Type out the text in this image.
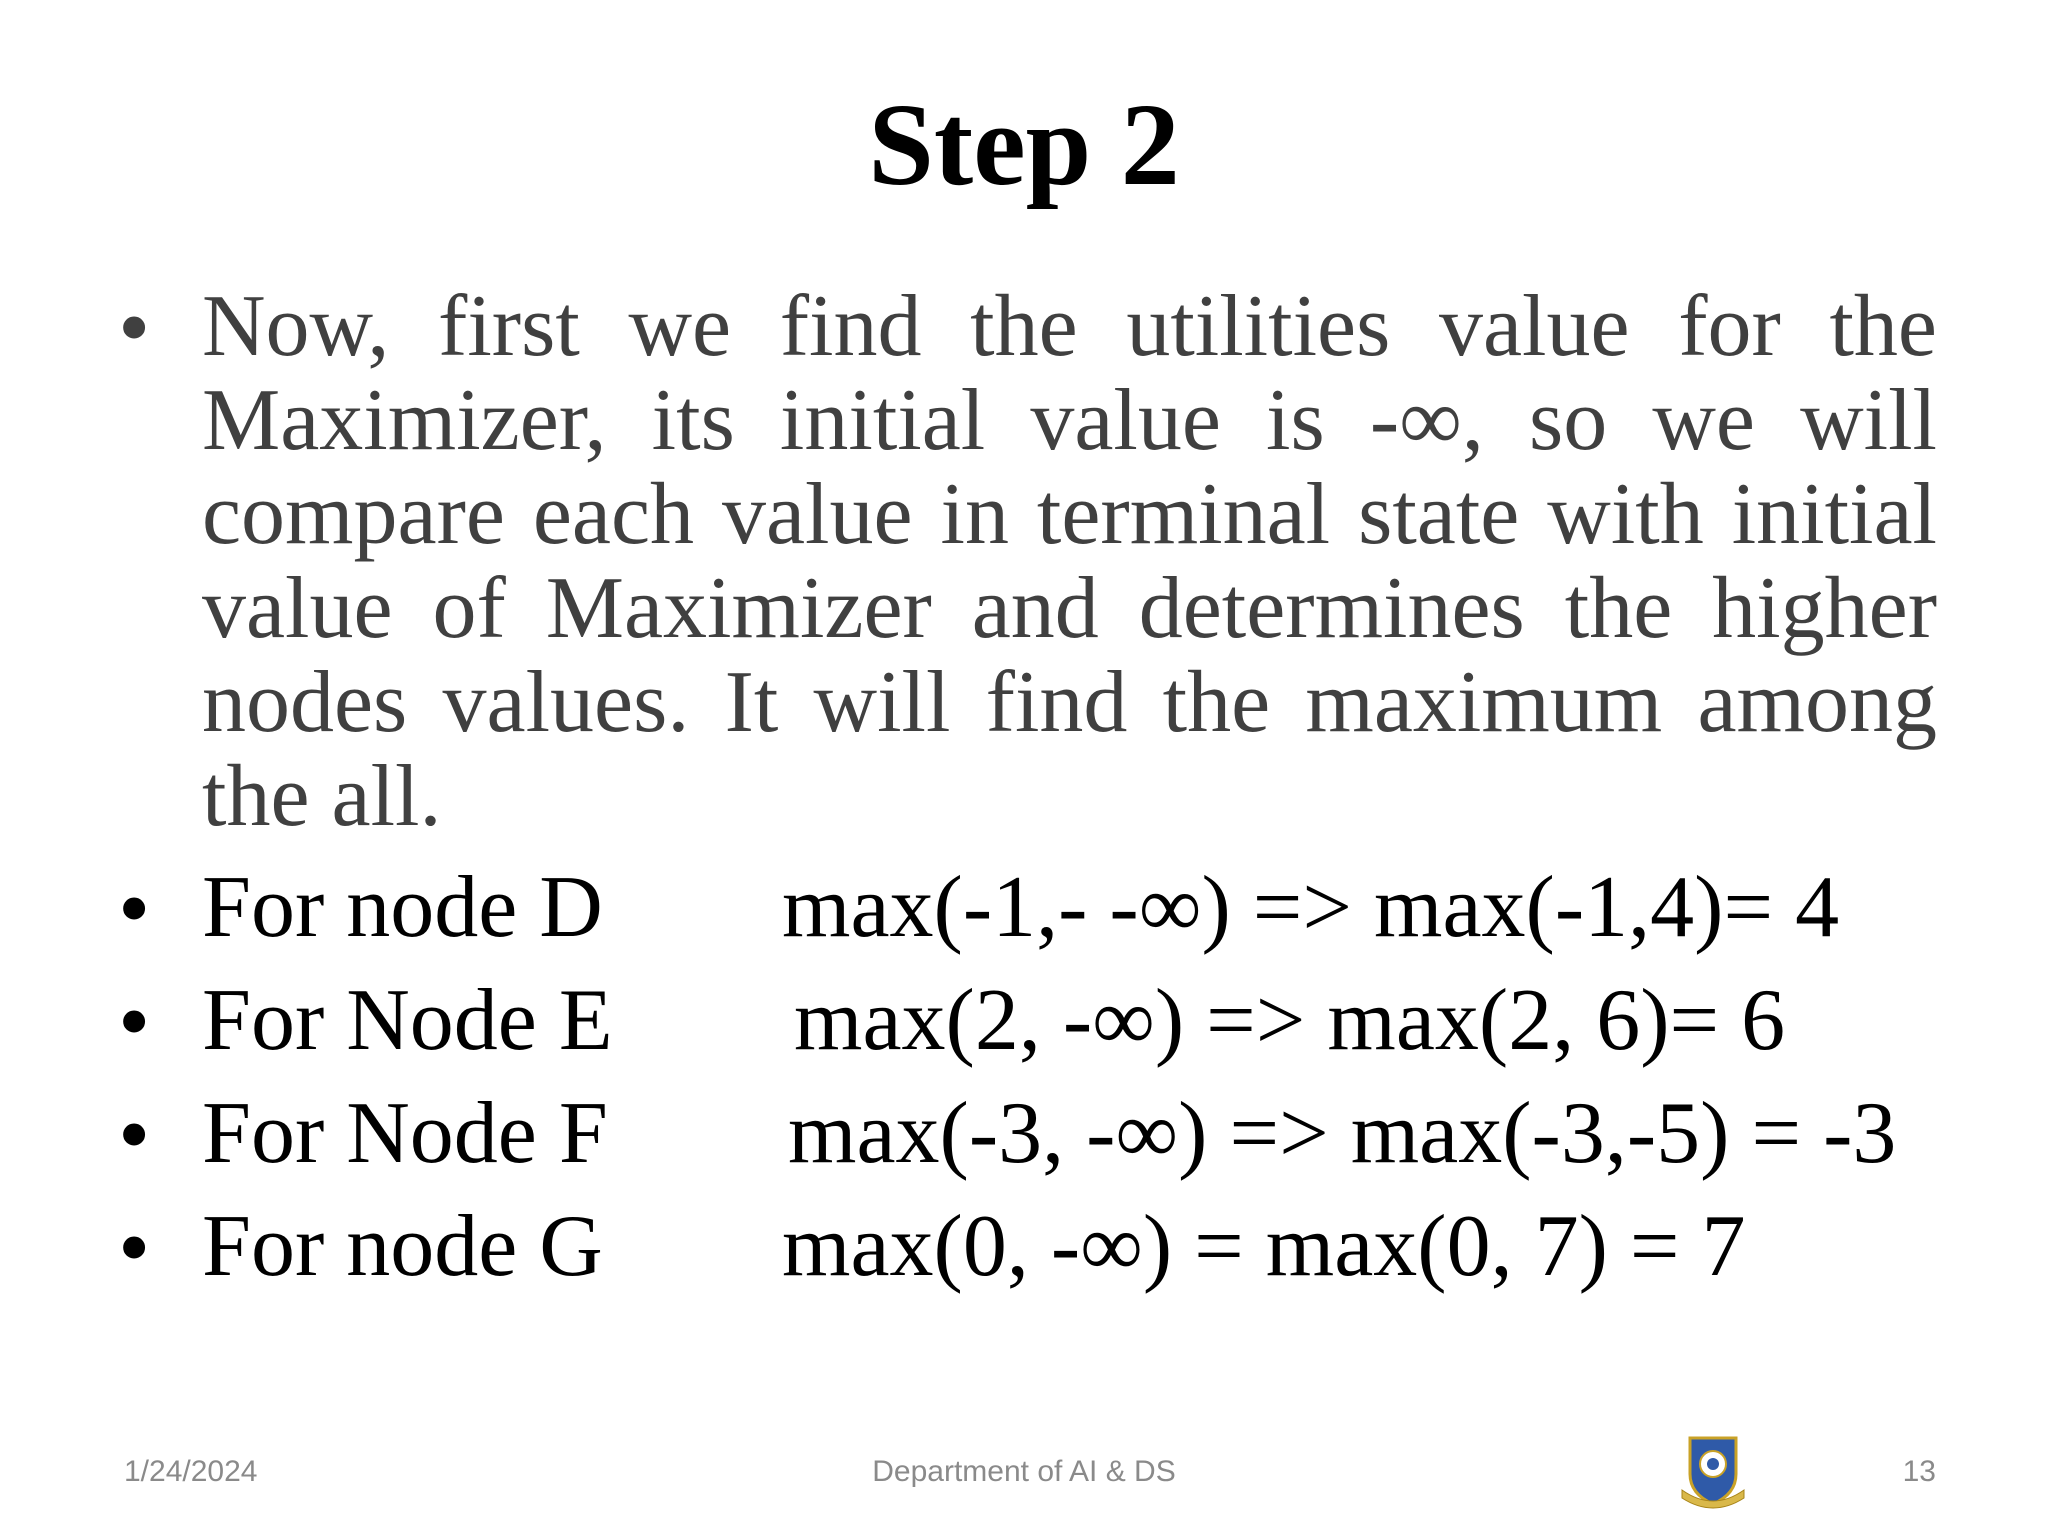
Step 2
• Now, first we find the utilities value for the Maximizer, its initial value is -∞, so we will compare each value in terminal state with initial value of Maximizer and determines the higher nodes values. It will find the maximum among the all.
• For node D max(-1,- -∞) => max(-1,4)= 4
• For Node E max(2, -∞) => max(2, 6)= 6
• For Node F max(-3, -∞) => max(-3,-5) = -3
• For node G max(0, -∞) = max(0, 7) = 7
1/24/2024	Department of AI & DS	13
